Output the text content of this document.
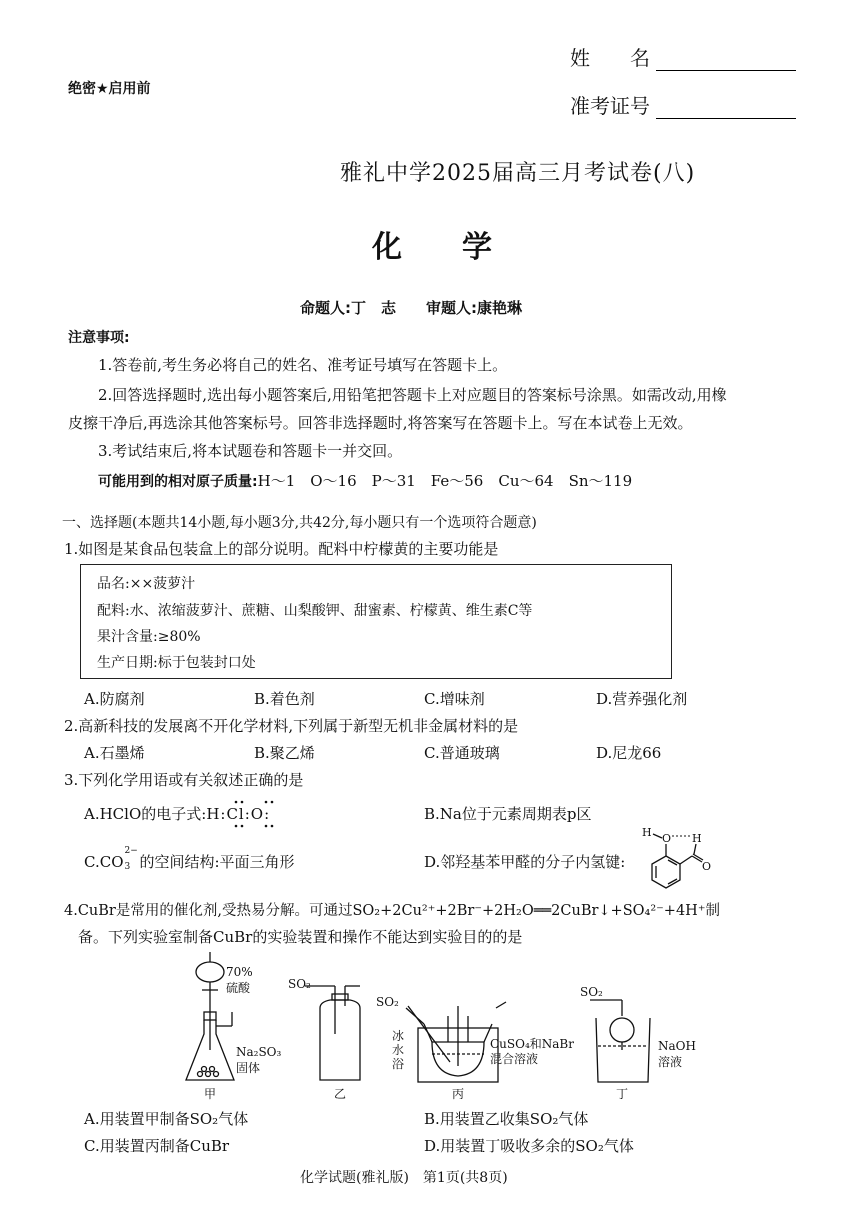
绝密★启用前
姓　　名
准考证号
雅礼中学2025届高三月考试卷(八)
化　　学
命题人:丁　志　　审题人:康艳琳
注意事项:
1.答卷前,考生务必将自己的姓名、准考证号填写在答题卡上。
2.回答选择题时,选出每小题答案后,用铅笔把答题卡上对应题目的答案标号涂黑。如需改动,用橡
皮擦干净后,再选涂其他答案标号。回答非选择题时,将答案写在答题卡上。写在本试卷上无效。
3.考试结束后,将本试题卷和答题卡一并交回。
可能用到的相对原子质量:H～1　O～16　P～31　Fe～56　Cu～64　Sn～119
一、选择题(本题共14小题,每小题3分,共42分,每小题只有一个选项符合题意)
1.如图是某食品包装盒上的部分说明。配料中柠檬黄的主要功能是
品名:××菠萝汁
配料:水、浓缩菠萝汁、蔗糖、山梨酸钾、甜蜜素、柠檬黄、维生素C等
果汁含量:≥80%
生产日期:标于包装封口处
A.防腐剂	B.着色剂	C.增味剂	D.营养强化剂
2.高新科技的发展离不开化学材料,下列属于新型无机非金属材料的是
A.石墨烯	B.聚乙烯	C.普通玻璃	D.尼龙66
3.下列化学用语或有关叙述正确的是
A.HClO的电子式:H:Cl:O:	B.Na位于元素周期表p区
C.CO
2−
3 的空间结构:平面三角形	D.邻羟基苯甲醛的分子内氢键:
O
H	H
O
4.CuBr是常用的催化剂,受热易分解。可通过SO₂+2Cu²⁺+2Br⁻+2H₂O══2CuBr↓+SO₄²⁻+4H⁺制
备。下列实验室制备CuBr的实验装置和操作不能达到实验目的的是
70%
硫酸
Na₂SO₃
固体
SO₂
SO₂
冰
水
浴
CuSO₄和NaBr
混合溶液
SO₂
NaOH
溶液
甲	乙	丙	丁
A.用装置甲制备SO₂气体	B.用装置乙收集SO₂气体
C.用装置丙制备CuBr	D.用装置丁吸收多余的SO₂气体
化学试题(雅礼版)　第1页(共8页)
